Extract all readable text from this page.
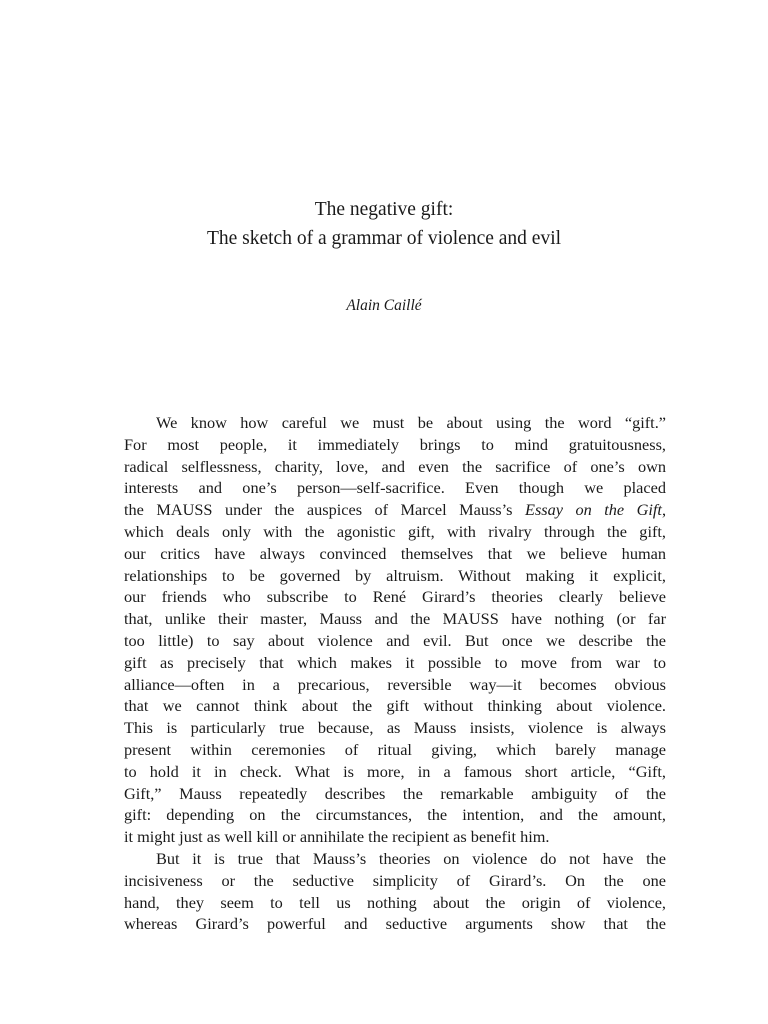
The negative gift:

The sketch of a grammar of violence and evil

Alain Caillé
We know how careful we must be about using the word “gift.”
For most people, it immediately brings to mind gratuitousness,
radical selflessness, charity, love, and even the sacrifice of one’s own
interests and one’s person—self-sacrifice. Even though we placed
the MAUSS under the auspices of Marcel Mauss’s Essay on the Gift,
which deals only with the agonistic gift, with rivalry through the gift,
our critics have always convinced themselves that we believe human
relationships to be governed by altruism. Without making it explicit,
our friends who subscribe to René Girard’s theories clearly believe
that, unlike their master, Mauss and the MAUSS have nothing (or far
too little) to say about violence and evil. But once we describe the
gift as precisely that which makes it possible to move from war to
alliance—often in a precarious, reversible way—it becomes obvious
that we cannot think about the gift without thinking about violence.
This is particularly true because, as Mauss insists, violence is always
present within ceremonies of ritual giving, which barely manage
to hold it in check. What is more, in a famous short article, “Gift,
Gift,” Mauss repeatedly describes the remarkable ambiguity of the
gift: depending on the circumstances, the intention, and the amount,
it might just as well kill or annihilate the recipient as benefit him.
But it is true that Mauss’s theories on violence do not have the
incisiveness or the seductive simplicity of Girard’s. On the one
hand, they seem to tell us nothing about the origin of violence,
whereas Girard’s powerful and seductive arguments show that the
